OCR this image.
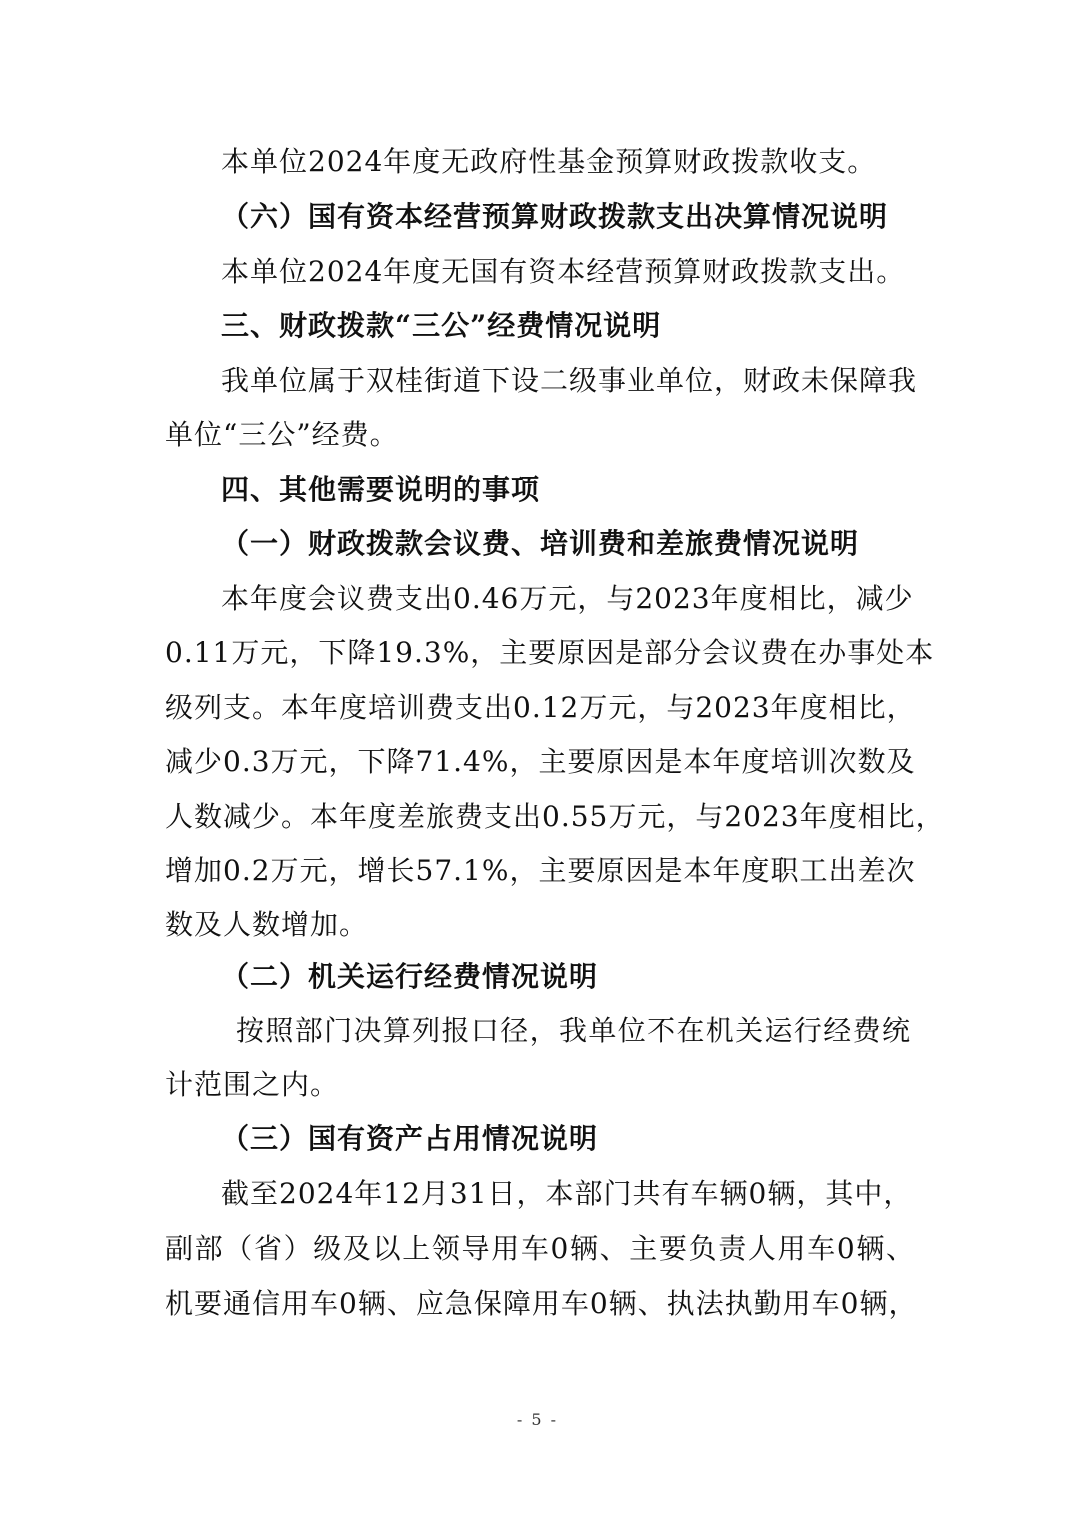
本单位2024年度无政府性基金预算财政拨款收支。
（六）国有资本经营预算财政拨款支出决算情况说明
本单位2024年度无国有资本经营预算财政拨款支出。
三、财政拨款“三公”经费情况说明
我单位属于双桂街道下设二级事业单位，财政未保障我
单位“三公”经费。
四、其他需要说明的事项
（一）财政拨款会议费、培训费和差旅费情况说明
本年度会议费支出0.46万元，与2023年度相比，减少
0.11万元，下降19.3%，主要原因是部分会议费在办事处本
级列支。本年度培训费支出0.12万元，与2023年度相比，
减少0.3万元，下降71.4%，主要原因是本年度培训次数及
人数减少。本年度差旅费支出0.55万元，与2023年度相比，
增加0.2万元，增长57.1%，主要原因是本年度职工出差次
数及人数增加。
（二）机关运行经费情况说明
按照部门决算列报口径，我单位不在机关运行经费统
计范围之内。
（三）国有资产占用情况说明
截至2024年12月31日，本部门共有车辆0辆，其中，
副部（省）级及以上领导用车0辆、主要负责人用车0辆、
机要通信用车0辆、应急保障用车0辆、执法执勤用车0辆，
- 5 -
